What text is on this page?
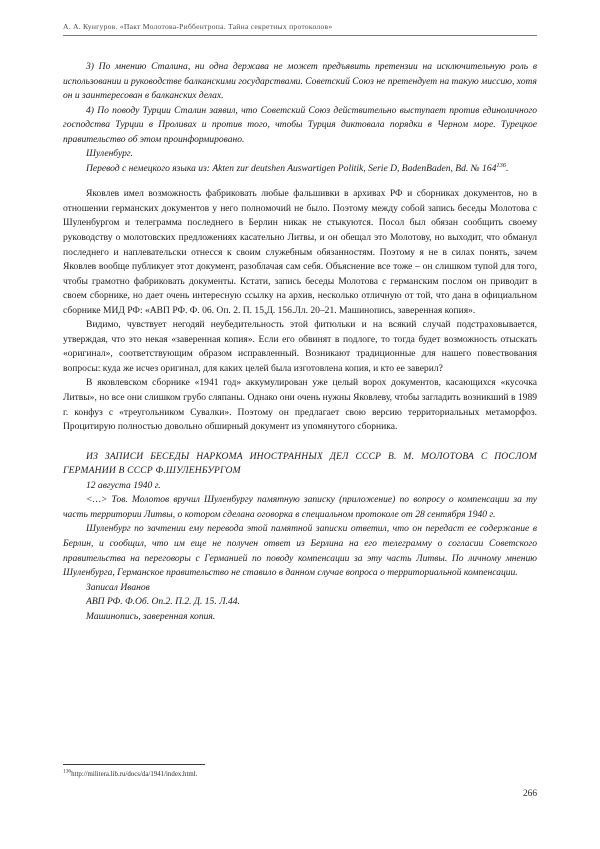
А. А. Кунгуров. «Пакт Молотова-Риббентропа. Тайна секретных протоколов»

3) По мнению Сталина, ни одна держава не может предъявить претензии на исключительную роль в использовании и руководстве балканскими государствами. Советский Союз не претендует на такую миссию, хотя он и заинтересован в балканских делах.

4) По поводу Турции Сталин заявил, что Советский Союз действительно выступает против единоличного господства Турции в Проливах и против того, чтобы Турция диктовала порядки в Черном море. Турецкое правительство об этом проинформировано.

Шуленбург.

Перевод с немецкого языка из: Akten zur deutshen Auswartigen Politik, Serie D, BadenBaden, Bd. № $164^{136}$.

Яковлев имел возможность фабриковать любые фальшивки в архивах РФ и сборниках документов, но в отношении германских документов у него полномочий не было. Поэтому между собой запись беседы Молотова с Шуленбургом и телеграмма последнего в Берлин никак не стыкуются. Посол был обязан сообщить своему руководству о молотовских предложениях касательно Литвы, и он обещал это Молотову, но выходит, что обманул последнего и наплевательски отнесся к своим служебным обязанностям. Поэтому я не в силах понять, зачем Яковлев вообще публикует этот документ, разоблачая сам себя. Объяснение все тоже – он слишком тупой для того, чтобы грамотно фабриковать документы. Кстати, запись беседы Молотова с германским послом он приводит в своем сборнике, но дает очень интересную ссылку на архив, несколько отличную от той, что дана в официальном сборнике МИД РФ: «АВП РФ. Ф. 06. Оп. 2. П. 15,Д. 156.Лл. 20–21. Машинопись, заверенная копия».

Видимо, чувствует негодяй неубедительность этой фитюльки и на всякий случай подстраховывается, утверждая, что это некая «заверенная копия». Если его обвинят в подлоге, то тогда будет возможность отыскать «оригинал», соответствующим образом исправленный. Возникают традиционные для нашего повествования вопросы: куда же исчез оригинал, для каких целей была изготовлена копия, и кто ее заверил?

В яковлевском сборнике «1941 год» аккумулирован уже целый ворох документов, касающихся «кусочка Литвы», но все они слишком грубо сляпаны. Однако они очень нужны Яковлеву, чтобы загладить возникший в 1989 г. конфуз с «треугольником Сувалки». Поэтому он предлагает свою версию территориальных метаморфоз. Процитирую полностью довольно обширный документ из упомянутого сборника.

ИЗ ЗАПИСИ БЕСЕДЫ НАРКОМА ИНОСТРАННЫХ ДЕЛ СССР В. М. МОЛОТОВА С ПОСЛОМ ГЕРМАНИИ В СССР Ф.ШУЛЕНБУРГОМ

12 августа 1940 г.

<…> Тов. Молотов вручил Шуленбургу памятную записку (приложение) по вопросу о компенсации за ту часть территории Литвы, о котором сделана оговорка в специальном протоколе от 28 сентября 1940 г.

Шуленбург по зачтении ему перевода этой памятной записки ответил, что он передаст ее содержание в Берлин, и сообщил, что им еще не получен ответ из Берлина на его телеграмму о согласии Советского правительства на переговоры с Германией по поводу компенсации за эту часть Литвы. По личному мнению Шуленбурга, Германское правительство не ставило в данном случае вопроса о территориальной компенсации.

Записал Иванов

АВП РФ. Ф.Об. Оп.2. П.2. Д. 15. Л.44.

Машинопись, заверенная копия.

$^{136}$http://militera.lib.ru/docs/da/1941/index.html.

266
